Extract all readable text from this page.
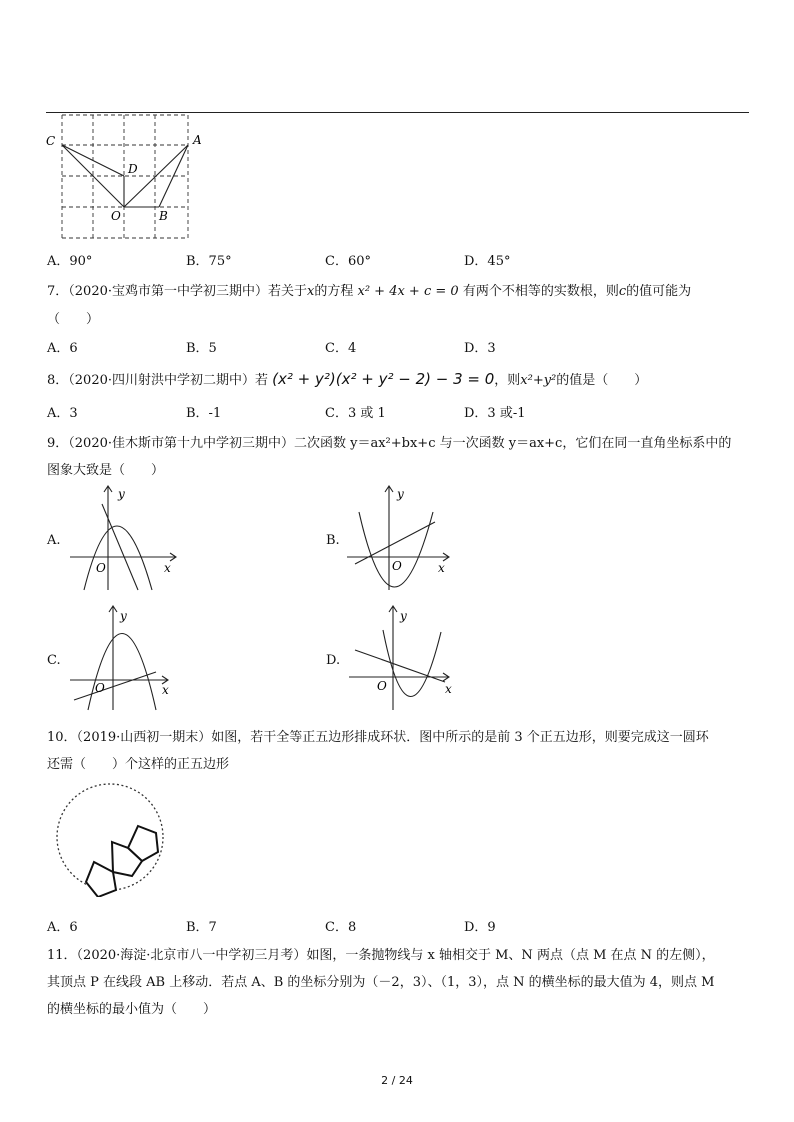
C	A
D
O	B
A．90°	B．75°	C．60°	D．45°
7．（2020·宝鸡市第一中学初三期中）若关于x的方程 x² + 4x + c = 0 有两个不相等的实数根，则c的值可能为
（　　）
A．6	B．5	C．4	D．3
8．（2020·四川射洪中学初二期中）若 (x² + y²)(x² + y² − 2) − 3 = 0，则x²+y²的值是（　　）
A．3	B．-1	C．3 或 1	D．3 或-1
9．（2020·佳木斯市第十九中学初三期中）二次函数 y＝ax²+bx+c 与一次函数 y＝ax+c，它们在同一直角坐标系中的
图象大致是（　　）
A.
y
O	x
B.
y
O	x
C.
y
O	x
D.
y
O	x
10．（2019·山西初一期末）如图，若干全等正五边形排成环状．图中所示的是前 3 个正五边形，则要完成这一圆环
还需（　　）个这样的正五边形
A．6	B．7	C．8	D．9
11．（2020·海淀·北京市八一中学初三月考）如图，一条抛物线与 x 轴相交于 M、N 两点（点 M 在点 N 的左侧），
其顶点 P 在线段 AB 上移动．若点 A、B 的坐标分别为（－2，3）、（1，3），点 N 的横坐标的最大值为 4，则点 M
的横坐标的最小值为（　　）
2 / 24
